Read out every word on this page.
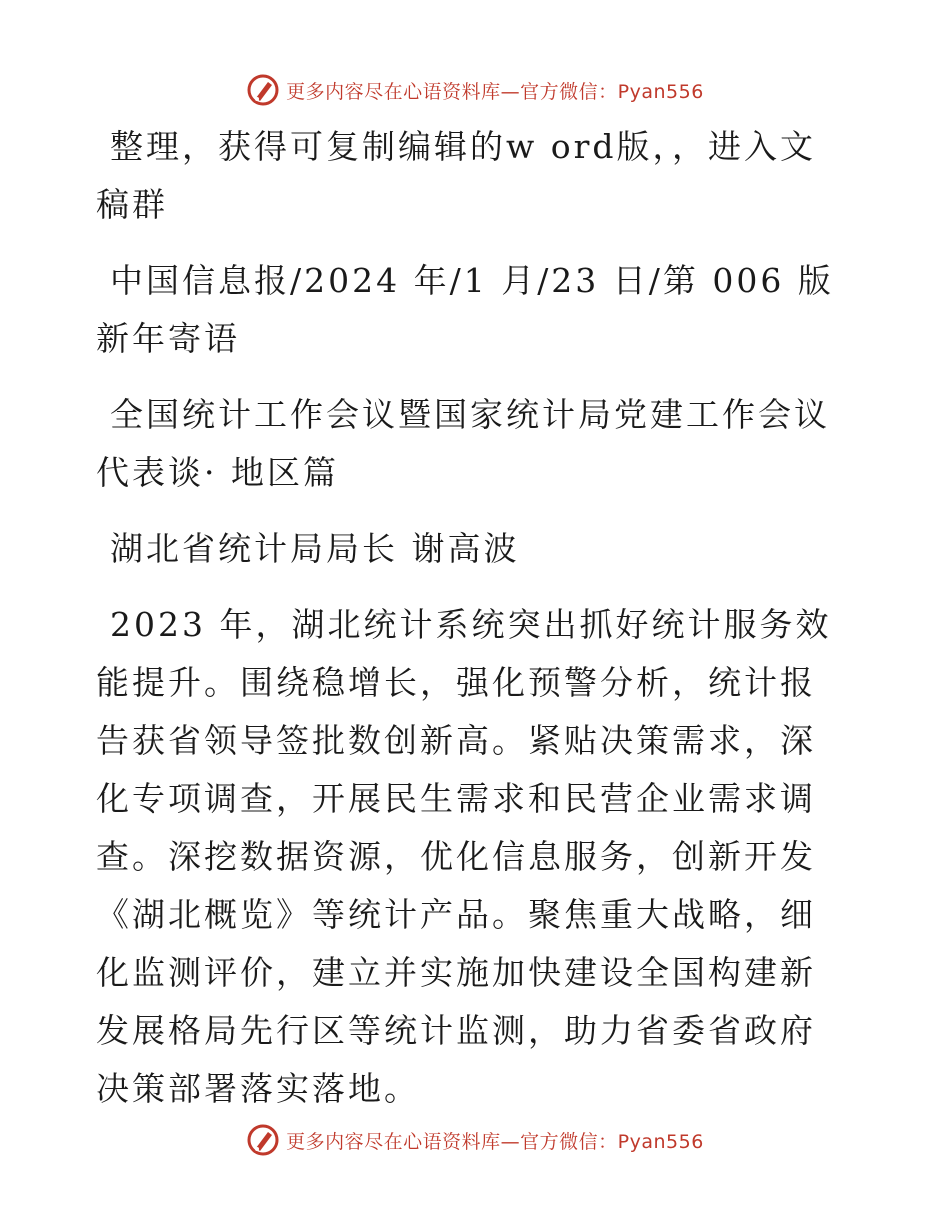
更多内容尽在心语资料库—官方微信：Pyan556

整理，获得可复制编辑的w ord版，，进入文稿群

中国信息报/2024 年/1 月/23 日/第 006 版新年寄语

全国统计工作会议暨国家统计局党建工作会议代表谈· 地区篇

湖北省统计局局长 谢高波

2023 年，湖北统计系统突出抓好统计服务效能提升。围绕稳增长，强化预警分析，统计报告获省领导签批数创新高。紧贴决策需求，深化专项调查，开展民生需求和民营企业需求调查。深挖数据资源，优化信息服务，创新开发《湖北概览》等统计产品。聚焦重大战略，细化监测评价，建立并实施加快建设全国构建新发展格局先行区等统计监测，助力省委省政府决策部署落实落地。

更多内容尽在心语资料库—官方微信：Pyan556
